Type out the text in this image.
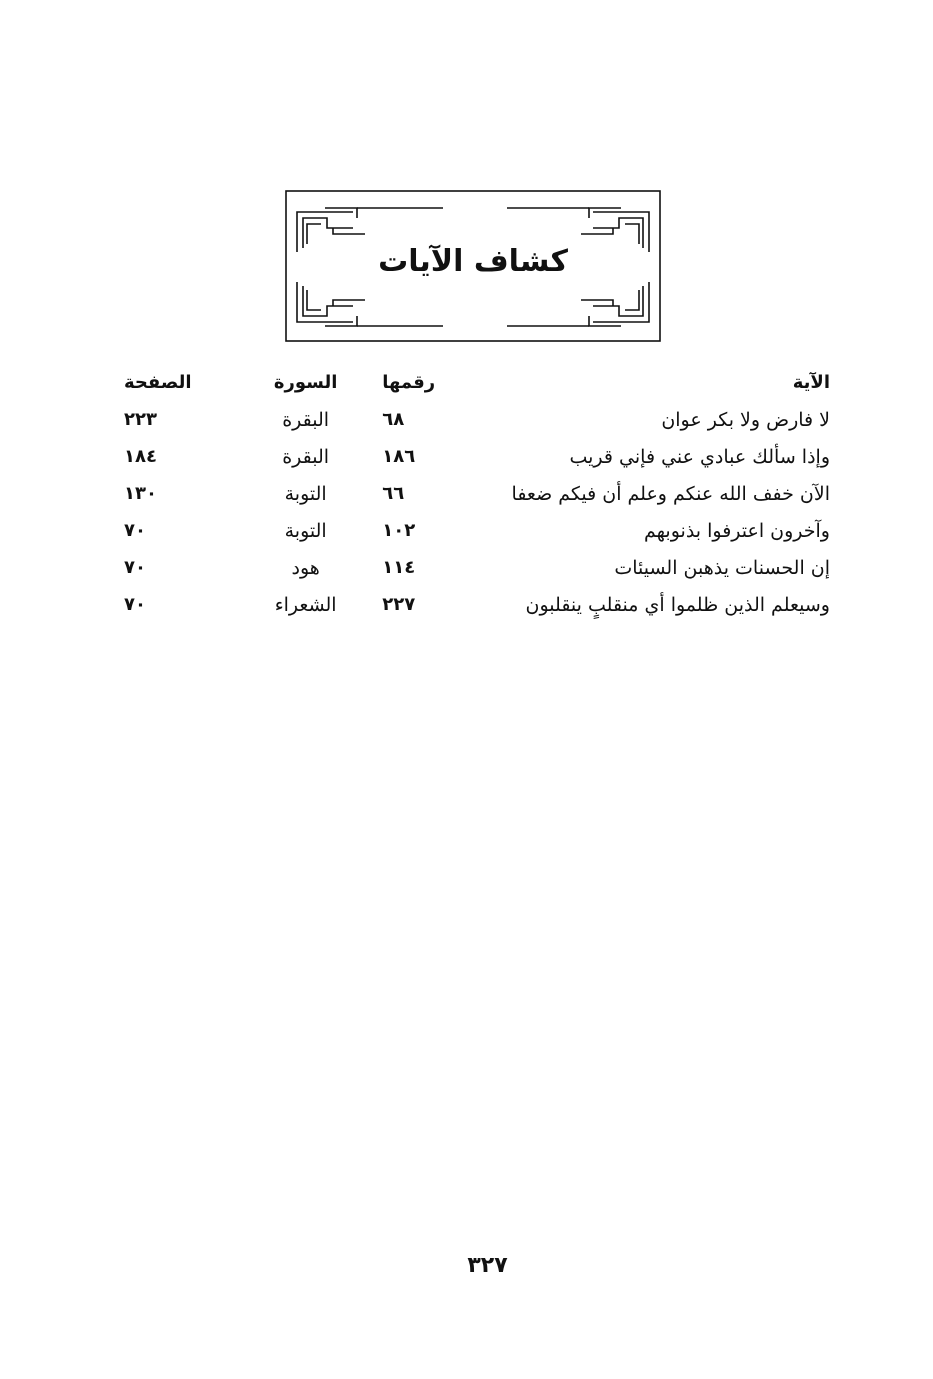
كشاف الآيات
الآية	رقمها	السورة	الصفحة
لا فارض ولا بكر عوان	٦٨	البقرة	٢٢٣
وإذا سألك عبادي عني فإني قريب	١٨٦	البقرة	١٨٤
الآن خفف الله عنكم وعلم أن فيكم ضعفا	٦٦	التوبة	١٣٠
وآخرون اعترفوا بذنوبهم	١٠٢	التوبة	٧٠
إن الحسنات يذهبن السيئات	١١٤	هود	٧٠
وسيعلم الذين ظلموا أي منقلبٍ ينقلبون	٢٢٧	الشعراء	٧٠
٣٢٧
